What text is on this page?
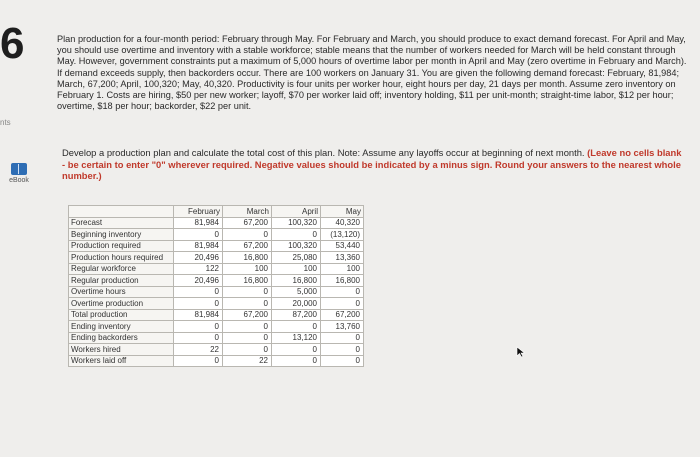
6
nts
eBook
Plan production for a four-month period: February through May. For February and March, you should produce to exact demand forecast. For April and May, you should use overtime and inventory with a stable workforce; stable means that the number of workers needed for March will be held constant through May. However, government constraints put a maximum of 5,000 hours of overtime labor per month in April and May (zero overtime in February and March). If demand exceeds supply, then backorders occur. There are 100 workers on January 31. You are given the following demand forecast: February, 81,984; March, 67,200; April, 100,320; May, 40,320. Productivity is four units per worker hour, eight hours per day, 21 days per month. Assume zero inventory on February 1. Costs are hiring, $50 per new worker; layoff, $70 per worker laid off; inventory holding, $11 per unit-month; straight-time labor, $12 per hour; overtime, $18 per hour; backorder, $22 per unit.
Develop a production plan and calculate the total cost of this plan. Note: Assume any layoffs occur at beginning of next month. (Leave no cells blank - be certain to enter "0" wherever required. Negative values should be indicated by a minus sign. Round your answers to the nearest whole number.)
	February	March	April	May
Forecast	81,984	67,200	100,320	40,320
Beginning inventory	0	0	0	(13,120)
Production required	81,984	67,200	100,320	53,440
Production hours required	20,496	16,800	25,080	13,360
Regular workforce	122	100	100	100
Regular production	20,496	16,800	16,800	16,800
Overtime hours	0	0	5,000	0
Overtime production	0	0	20,000	0
Total production	81,984	67,200	87,200	67,200
Ending inventory	0	0	0	13,760
Ending backorders	0	0	13,120	0
Workers hired	22	0	0	0
Workers laid off	0	22	0	0
